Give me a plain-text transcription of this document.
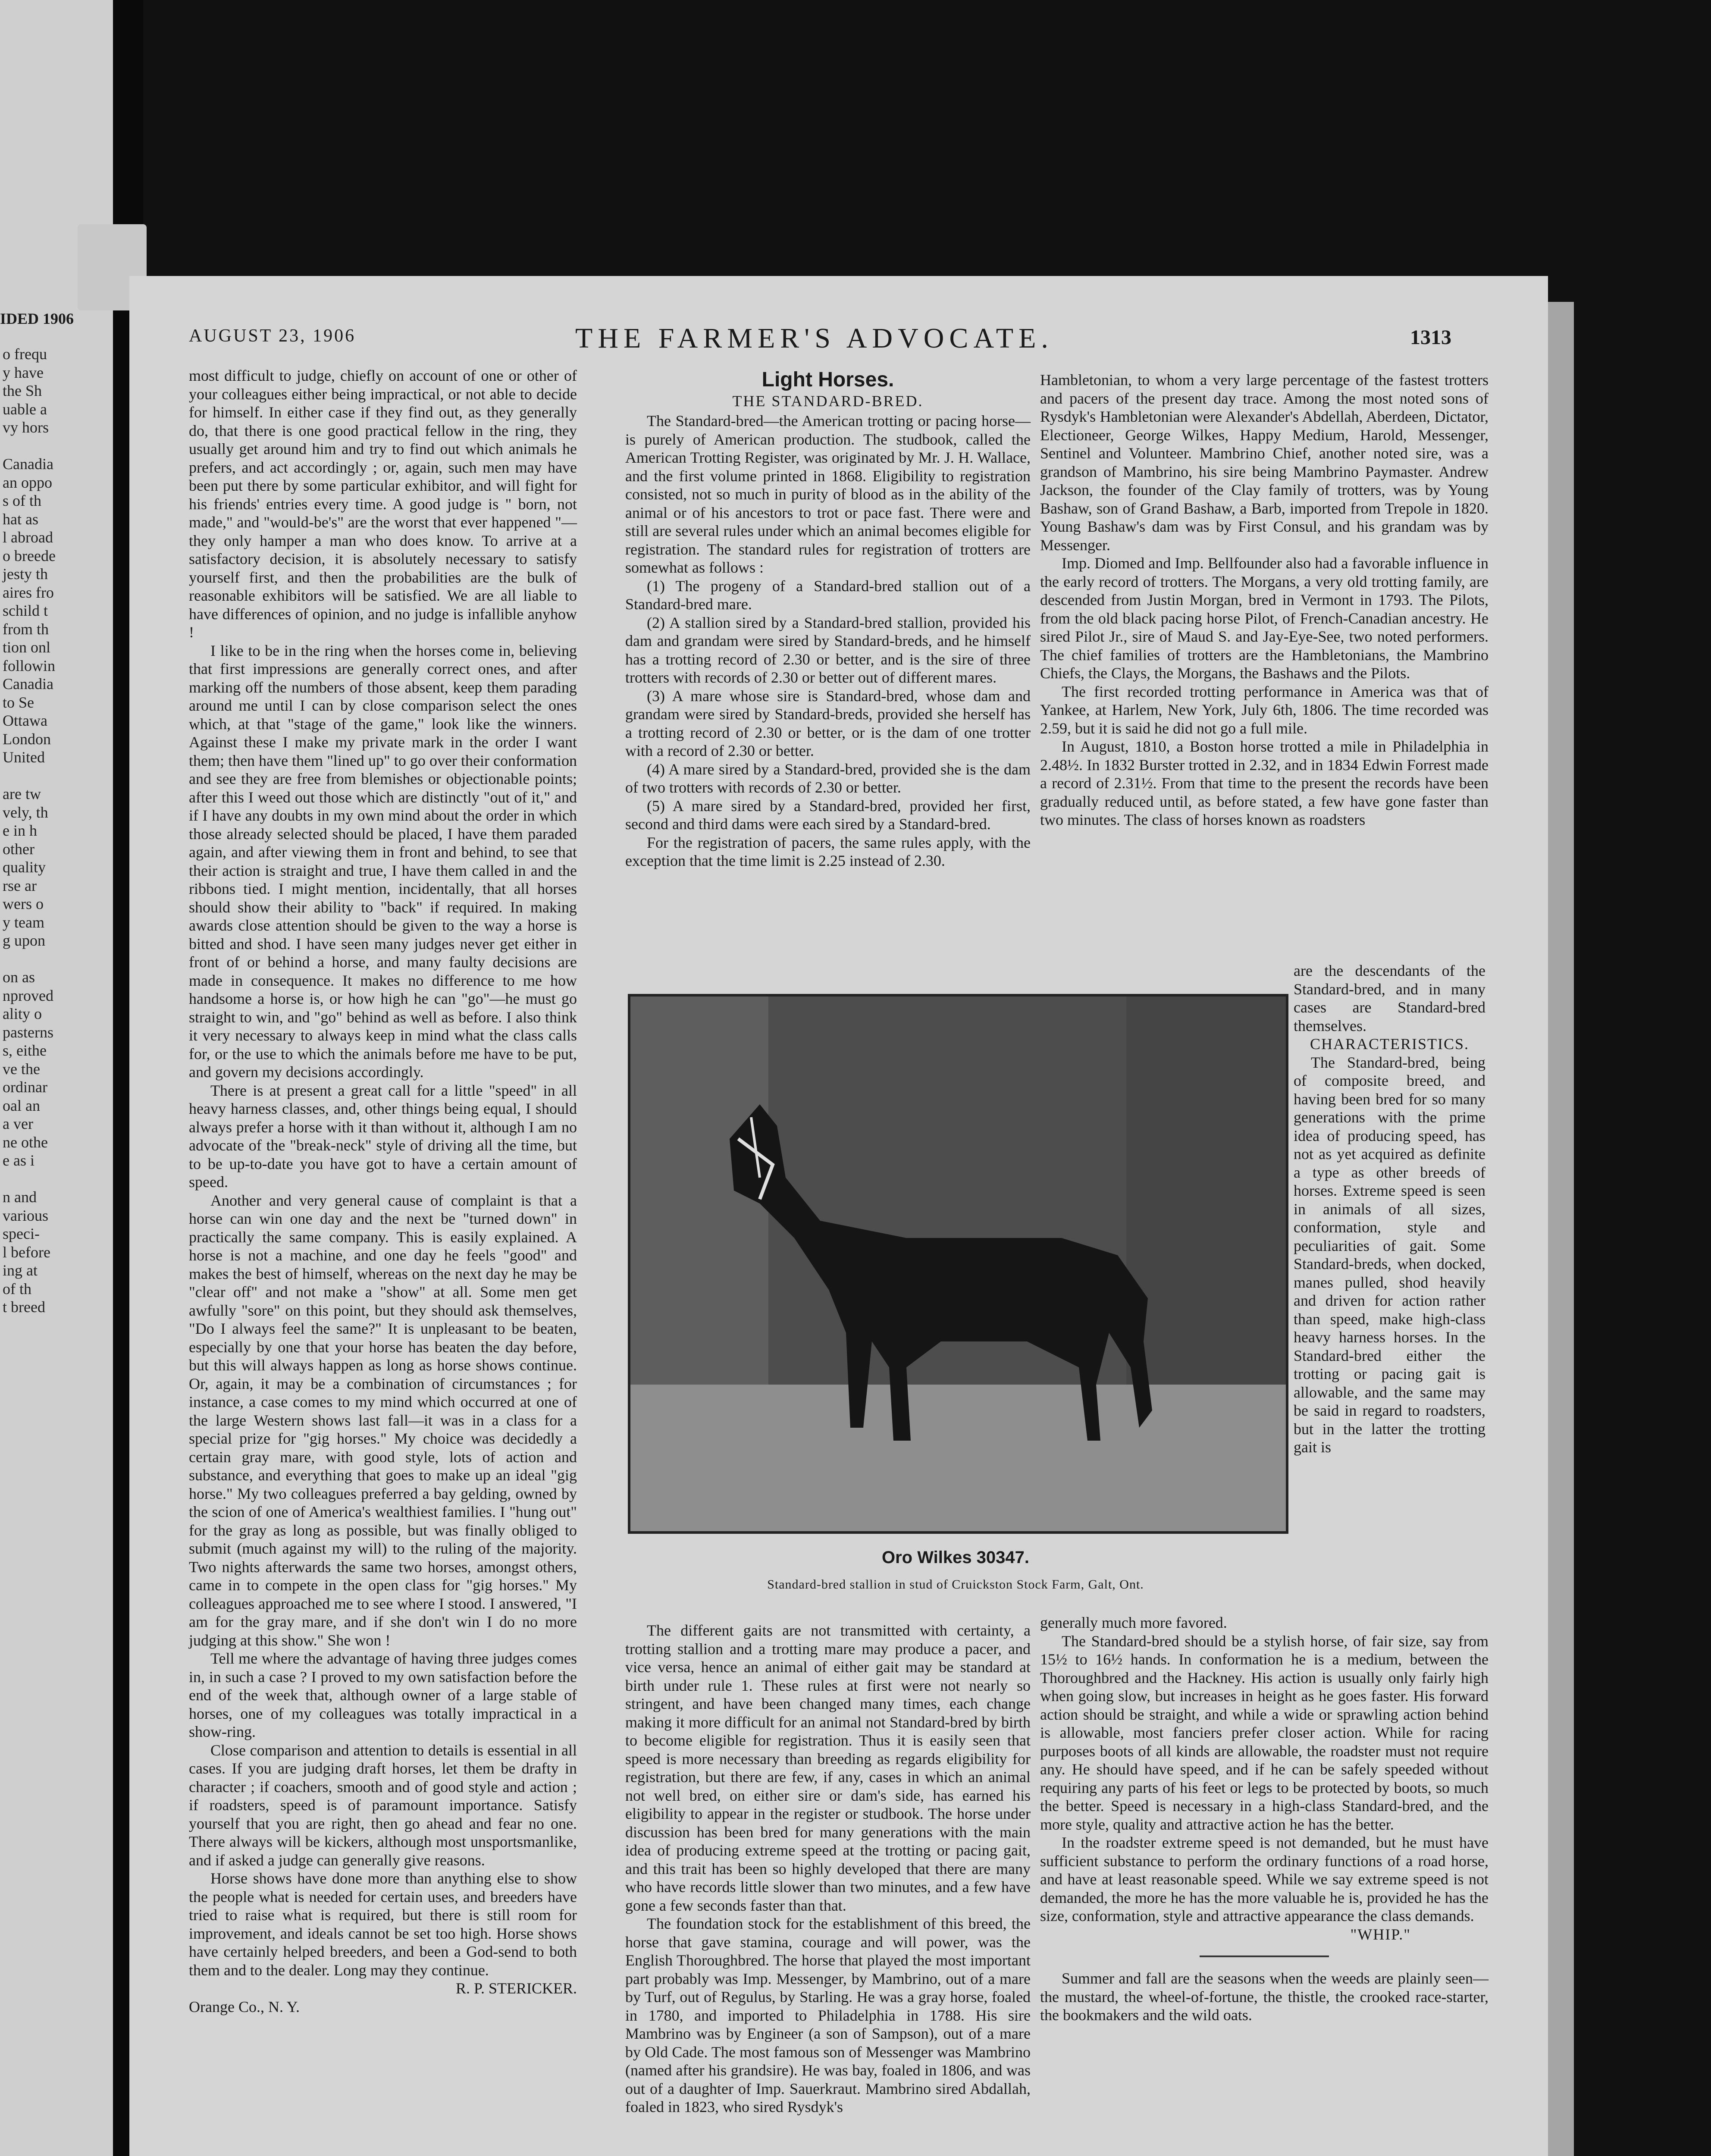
IDED 1906
o frequ
y have
the Sh
uable a
vy hors

Canadia
an oppo
s of th
hat as
l abroad
o breede
jesty th
aires fro
schild t
from th
tion onl
followin
Canadia
to Se
Ottawa
London
United

are tw
vely, th
e in h
other
quality
rse ar
wers o
y team
g upon

on as
nproved
ality o
pasterns
s, eithe
ve the
ordinar
oal an
a ver
ne othe
e as i

n and
various
speci-
l before
ing at
of th
t breed
AUGUST 23, 1906	THE FARMER'S ADVOCATE.	1313

most difficult to judge, chiefly on account of one or other of your colleagues either being impractical, or not able to decide for himself. In either case if they find out, as they generally do, that there is one good practical fellow in the ring, they usually get around him and try to find out which animals he prefers, and act accordingly ; or, again, such men may have been put there by some particular exhibitor, and will fight for his friends' entries every time. A good judge is " born, not made," and "would-be's" are the worst that ever happened "—they only hamper a man who does know. To arrive at a satisfactory decision, it is absolutely necessary to satisfy yourself first, and then the probabilities are the bulk of reasonable exhibitors will be satisfied. We are all liable to have differences of opinion, and no judge is infallible anyhow !

I like to be in the ring when the horses come in, believing that first impressions are generally correct ones, and after marking off the numbers of those absent, keep them parading around me until I can by close comparison select the ones which, at that "stage of the game," look like the winners. Against these I make my private mark in the order I want them; then have them "lined up" to go over their conformation and see they are free from blemishes or objectionable points; after this I weed out those which are distinctly "out of it," and if I have any doubts in my own mind about the order in which those already selected should be placed, I have them paraded again, and after viewing them in front and behind, to see that their action is straight and true, I have them called in and the ribbons tied. I might mention, incidentally, that all horses should show their ability to "back" if required. In making awards close attention should be given to the way a horse is bitted and shod. I have seen many judges never get either in front of or behind a horse, and many faulty decisions are made in consequence. It makes no difference to me how handsome a horse is, or how high he can "go"—he must go straight to win, and "go" behind as well as before. I also think it very necessary to always keep in mind what the class calls for, or the use to which the animals before me have to be put, and govern my decisions accordingly.

There is at present a great call for a little "speed" in all heavy harness classes, and, other things being equal, I should always prefer a horse with it than without it, although I am no advocate of the "break-neck" style of driving all the time, but to be up-to-date you have got to have a certain amount of speed.

Another and very general cause of complaint is that a horse can win one day and the next be "turned down" in practically the same company. This is easily explained. A horse is not a machine, and one day he feels "good" and makes the best of himself, whereas on the next day he may be "clear off" and not make a "show" at all. Some men get awfully "sore" on this point, but they should ask themselves, "Do I always feel the same?" It is unpleasant to be beaten, especially by one that your horse has beaten the day before, but this will always happen as long as horse shows continue. Or, again, it may be a combination of circumstances ; for instance, a case comes to my mind which occurred at one of the large Western shows last fall—it was in a class for a special prize for "gig horses." My choice was decidedly a certain gray mare, with good style, lots of action and substance, and everything that goes to make up an ideal "gig horse." My two colleagues preferred a bay gelding, owned by the scion of one of America's wealthiest families. I "hung out" for the gray as long as possible, but was finally obliged to submit (much against my will) to the ruling of the majority. Two nights afterwards the same two horses, amongst others, came in to compete in the open class for "gig horses." My colleagues approached me to see where I stood. I answered, "I am for the gray mare, and if she don't win I do no more judging at this show." She won !

Tell me where the advantage of having three judges comes in, in such a case ? I proved to my own satisfaction before the end of the week that, although owner of a large stable of horses, one of my colleagues was totally impractical in a show-ring.

Close comparison and attention to details is essential in all cases. If you are judging draft horses, let them be drafty in character ; if coachers, smooth and of good style and action ; if roadsters, speed is of paramount importance. Satisfy yourself that you are right, then go ahead and fear no one. There always will be kickers, although most unsportsmanlike, and if asked a judge can generally give reasons.

Horse shows have done more than anything else to show the people what is needed for certain uses, and breeders have tried to raise what is required, but there is still room for improvement, and ideals cannot be set too high. Horse shows have certainly helped breeders, and been a God-send to both them and to the dealer. Long may they continue.

R. P. STERICKER.

Orange Co., N. Y.

Light Horses.

THE STANDARD-BRED.

The Standard-bred—the American trotting or pacing horse—is purely of American production. The studbook, called the American Trotting Register, was originated by Mr. J. H. Wallace, and the first volume printed in 1868. Eligibility to registration consisted, not so much in purity of blood as in the ability of the animal or of his ancestors to trot or pace fast. There were and still are several rules under which an animal becomes eligible for registration. The standard rules for registration of trotters are somewhat as follows :

(1) The progeny of a Standard-bred stallion out of a Standard-bred mare.

(2) A stallion sired by a Standard-bred stallion, provided his dam and grandam were sired by Standard-breds, and he himself has a trotting record of 2.30 or better, and is the sire of three trotters with records of 2.30 or better out of different mares.

(3) A mare whose sire is Standard-bred, whose dam and grandam were sired by Standard-breds, provided she herself has a trotting record of 2.30 or better, or is the dam of one trotter with a record of 2.30 or better.

(4) A mare sired by a Standard-bred, provided she is the dam of two trotters with records of 2.30 or better.

(5) A mare sired by a Standard-bred, provided her first, second and third dams were each sired by a Standard-bred.

For the registration of pacers, the same rules apply, with the exception that the time limit is 2.25 instead of 2.30.

Oro Wilkes 30347.
Standard-bred stallion in stud of Cruickston Stock Farm, Galt, Ont.

The different gaits are not transmitted with certainty, a trotting stallion and a trotting mare may produce a pacer, and vice versa, hence an animal of either gait may be standard at birth under rule 1. These rules at first were not nearly so stringent, and have been changed many times, each change making it more difficult for an animal not Standard-bred by birth to become eligible for registration. Thus it is easily seen that speed is more necessary than breeding as regards eligibility for registration, but there are few, if any, cases in which an animal not well bred, on either sire or dam's side, has earned his eligibility to appear in the register or studbook. The horse under discussion has been bred for many generations with the main idea of producing extreme speed at the trotting or pacing gait, and this trait has been so highly developed that there are many who have records little slower than two minutes, and a few have gone a few seconds faster than that.

The foundation stock for the establishment of this breed, the horse that gave stamina, courage and will power, was the English Thoroughbred. The horse that played the most important part probably was Imp. Messenger, by Mambrino, out of a mare by Turf, out of Regulus, by Starling. He was a gray horse, foaled in 1780, and imported to Philadelphia in 1788. His sire Mambrino was by Engineer (a son of Sampson), out of a mare by Old Cade. The most famous son of Messenger was Mambrino (named after his grandsire). He was bay, foaled in 1806, and was out of a daughter of Imp. Sauerkraut. Mambrino sired Abdallah, foaled in 1823, who sired Rysdyk's

Hambletonian, to whom a very large percentage of the fastest trotters and pacers of the present day trace. Among the most noted sons of Rysdyk's Hambletonian were Alexander's Abdellah, Aberdeen, Dictator, Electioneer, George Wilkes, Happy Medium, Harold, Messenger, Sentinel and Volunteer. Mambrino Chief, another noted sire, was a grandson of Mambrino, his sire being Mambrino Paymaster. Andrew Jackson, the founder of the Clay family of trotters, was by Young Bashaw, son of Grand Bashaw, a Barb, imported from Trepole in 1820. Young Bashaw's dam was by First Consul, and his grandam was by Messenger.

Imp. Diomed and Imp. Bellfounder also had a favorable influence in the early record of trotters. The Morgans, a very old trotting family, are descended from Justin Morgan, bred in Vermont in 1793. The Pilots, from the old black pacing horse Pilot, of French-Canadian ancestry. He sired Pilot Jr., sire of Maud S. and Jay-Eye-See, two noted performers. The chief families of trotters are the Hambletonians, the Mambrino Chiefs, the Clays, the Morgans, the Bashaws and the Pilots.

The first recorded trotting performance in America was that of Yankee, at Harlem, New York, July 6th, 1806. The time recorded was 2.59, but it is said he did not go a full mile.

In August, 1810, a Boston horse trotted a mile in Philadelphia in 2.48½. In 1832 Burster trotted in 2.32, and in 1834 Edwin Forrest made a record of 2.31½. From that time to the present the records have been gradually reduced until, as before stated, a few have gone faster than two minutes. The class of horses known as roadsters

are the descendants of the Standard-bred, and in many cases are Standard-bred themselves.

CHARACTERISTICS.

The Standard-bred, being of composite breed, and having been bred for so many generations with the prime idea of producing speed, has not as yet acquired as definite a type as other breeds of horses. Extreme speed is seen in animals of all sizes, conformation, style and peculiarities of gait. Some Standard-breds, when docked, manes pulled, shod heavily and driven for action rather than speed, make high-class heavy harness horses. In the Standard-bred either the trotting or pacing gait is allowable, and the same may be said in regard to roadsters, but in the latter the trotting gait is

generally much more favored.

The Standard-bred should be a stylish horse, of fair size, say from 15½ to 16½ hands. In conformation he is a medium, between the Thoroughbred and the Hackney. His action is usually only fairly high when going slow, but increases in height as he goes faster. His forward action should be straight, and while a wide or sprawling action behind is allowable, most fanciers prefer closer action. While for racing purposes boots of all kinds are allowable, the roadster must not require any. He should have speed, and if he can be safely speeded without requiring any parts of his feet or legs to be protected by boots, so much the better. Speed is necessary in a high-class Standard-bred, and the more style, quality and attractive action he has the better.

In the roadster extreme speed is not demanded, but he must have sufficient substance to perform the ordinary functions of a road horse, and have at least reasonable speed. While we say extreme speed is not demanded, the more he has the more valuable he is, provided he has the size, conformation, style and attractive appearance the class demands.

"WHIP."

Summer and fall are the seasons when the weeds are plainly seen—the mustard, the wheel-of-fortune, the thistle, the crooked race-starter, the bookmakers and the wild oats.
